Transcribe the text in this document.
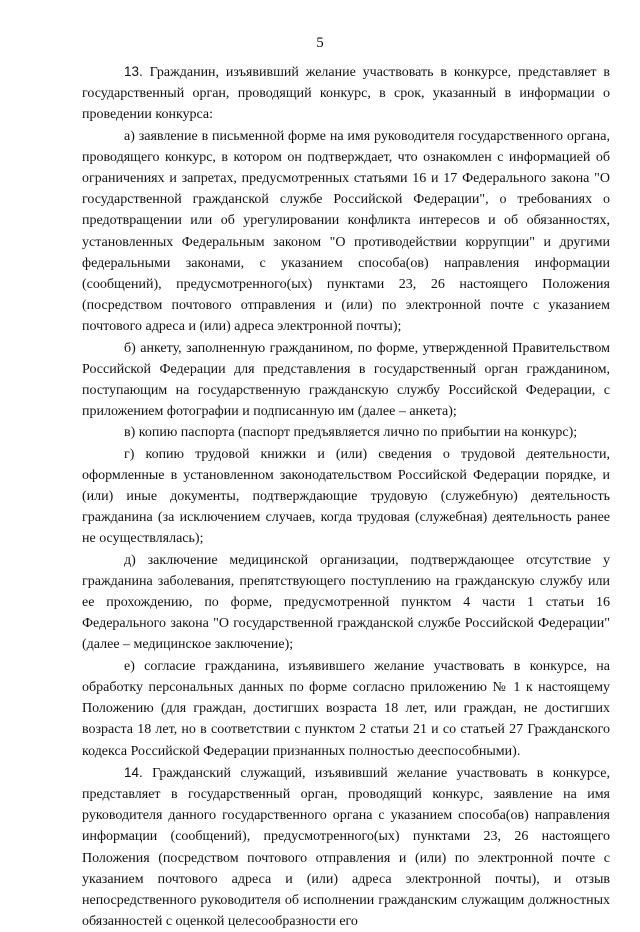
5

13. Гражданин, изъявивший желание участвовать в конкурсе, представляет в государственный орган, проводящий конкурс, в срок, указанный в информации о проведении конкурса:

а) заявление в письменной форме на имя руководителя государственного органа, проводящего конкурс, в котором он подтверждает, что ознакомлен с информацией об ограничениях и запретах, предусмотренных статьями 16 и 17 Федерального закона "О государственной гражданской службе Российской Федерации", о требованиях о предотвращении или об урегулировании конфликта интересов и об обязанностях, установленных Федеральным законом "О противодействии коррупции" и другими федеральными законами, с указанием способа(ов) направления информации (сообщений), предусмотренного(ых) пунктами 23, 26 настоящего Положения (посредством почтового отправления и (или) по электронной почте с указанием почтового адреса и (или) адреса электронной почты);

б) анкету, заполненную гражданином, по форме, утвержденной Правительством Российской Федерации для представления в государственный орган гражданином, поступающим на государственную гражданскую службу Российской Федерации, с приложением фотографии и подписанную им (далее – анкета);

в) копию паспорта (паспорт предъявляется лично по прибытии на конкурс);

г) копию трудовой книжки и (или) сведения о трудовой деятельности, оформленные в установленном законодательством Российской Федерации порядке, и (или) иные документы, подтверждающие трудовую (служебную) деятельность гражданина (за исключением случаев, когда трудовая (служебная) деятельность ранее не осуществлялась);

д) заключение медицинской организации, подтверждающее отсутствие у гражданина заболевания, препятствующего поступлению на гражданскую службу или ее прохождению, по форме, предусмотренной пунктом 4 части 1 статьи 16 Федерального закона "О государственной гражданской службе Российской Федерации" (далее – медицинское заключение);

е) согласие гражданина, изъявившего желание участвовать в конкурсе, на обработку персональных данных по форме согласно приложению № 1 к настоящему Положению (для граждан, достигших возраста 18 лет, или граждан, не достигших возраста 18 лет, но в соответствии с пунктом 2 статьи 21 и со статьей 27 Гражданского кодекса Российской Федерации признанных полностью дееспособными).

14. Гражданский служащий, изъявивший желание участвовать в конкурсе, представляет в государственный орган, проводящий конкурс, заявление на имя руководителя данного государственного органа с указанием способа(ов) направления информации (сообщений), предусмотренного(ых) пунктами 23, 26 настоящего Положения (посредством почтового отправления и (или) по электронной почте с указанием почтового адреса и (или) адреса электронной почты), и отзыв непосредственного руководителя об исполнении гражданским служащим должностных обязанностей с оценкой целесообразности его
